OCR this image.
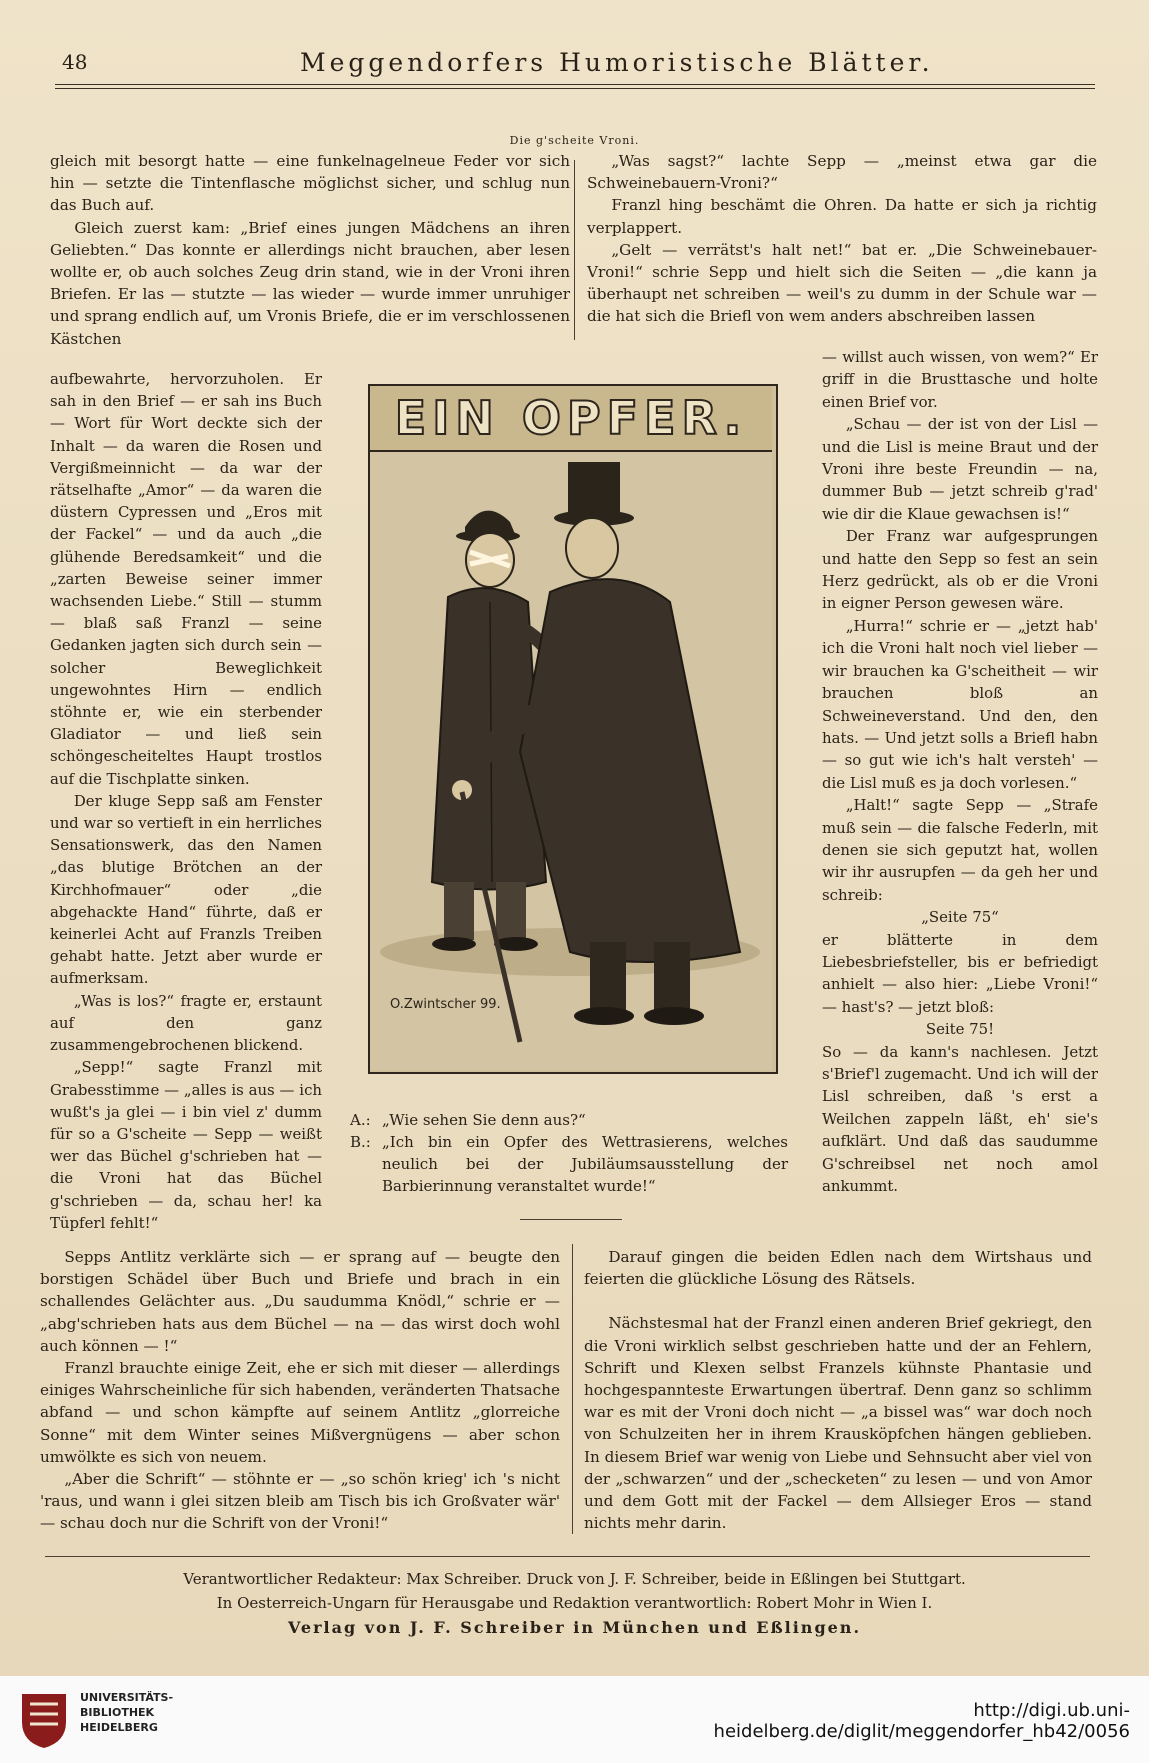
48	Meggendorfers Humoristische Blätter.
Die g'scheite Vroni.

gleich mit besorgt hatte — eine funkelnagelneue Feder vor sich hin — setzte die Tintenflasche möglichst sicher, und schlug nun das Buch auf.

Gleich zuerst kam: „Brief eines jungen Mädchens an ihren Geliebten.“ Das konnte er allerdings nicht brauchen, aber lesen wollte er, ob auch solches Zeug drin stand, wie in der Vroni ihren Briefen. Er las — stutzte — las wieder — wurde immer unruhiger und sprang endlich auf, um Vronis Briefe, die er im verschlossenen Kästchen

aufbewahrte, hervorzuholen. Er sah in den Brief — er sah ins Buch — Wort für Wort deckte sich der Inhalt — da waren die Rosen und Vergißmeinnicht — da war der rätselhafte „Amor“ — da waren die düstern Cypressen und „Eros mit der Fackel“ — und da auch „die glühende Beredsamkeit“ und die „zarten Beweise seiner immer wachsenden Liebe.“ Still — stumm — blaß saß Franzl — seine Gedanken jagten sich durch sein — solcher Beweglichkeit ungewohntes Hirn — endlich stöhnte er, wie ein sterbender Gladiator — und ließ sein schöngescheiteltes Haupt trostlos auf die Tischplatte sinken.

Der kluge Sepp saß am Fenster und war so vertieft in ein herrliches Sensationswerk, das den Namen „das blutige Brötchen an der Kirchhofmauer“ oder „die abgehackte Hand“ führte, daß er keinerlei Acht auf Franzls Treiben gehabt hatte. Jetzt aber wurde er aufmerksam.

„Was is los?“ fragte er, erstaunt auf den ganz zusammengebrochenen blickend.

„Sepp!“ sagte Franzl mit Grabesstimme — „alles is aus — ich wußt's ja glei — i bin viel z' dumm für so a G'scheite — Sepp — weißt wer das Büchel g'schrieben hat — die Vroni hat das Büchel g'schrieben — da, schau her! ka Tüpferl fehlt!“

„Was sagst?“ lachte Sepp — „meinst etwa gar die Schweinebauern-Vroni?“

Franzl hing beschämt die Ohren. Da hatte er sich ja richtig verplappert.

„Gelt — verrätst's halt net!“ bat er. „Die Schweinebauer-Vroni!“ schrie Sepp und hielt sich die Seiten — „die kann ja überhaupt net schreiben — weil's zu dumm in der Schule war — die hat sich die Briefl von wem anders abschreiben lassen

— willst auch wissen, von wem?“ Er griff in die Brusttasche und holte einen Brief vor.

„Schau — der ist von der Lisl — und die Lisl is meine Braut und der Vroni ihre beste Freundin — na, dummer Bub — jetzt schreib g'rad' wie dir die Klaue gewachsen is!“

Der Franz war aufgesprungen und hatte den Sepp so fest an sein Herz gedrückt, als ob er die Vroni in eigner Person gewesen wäre.

„Hurra!“ schrie er — „jetzt hab' ich die Vroni halt noch viel lieber — wir brauchen ka G'scheitheit — wir brauchen bloß an Schweineverstand. Und den, den hats. — Und jetzt solls a Briefl habn — so gut wie ich's halt versteh' — die Lisl muß es ja doch vorlesen.“

„Halt!“ sagte Sepp — „Strafe muß sein — die falsche Federln, mit denen sie sich geputzt hat, wollen wir ihr ausrupfen — da geh her und schreib:

„Seite 75“

er blätterte in dem Liebesbriefsteller, bis er befriedigt anhielt — also hier: „Liebe Vroni!“ — hast's? — jetzt bloß:

Seite 75!

So — da kann's nachlesen. Jetzt s'Brief'l zugemacht. Und ich will der Lisl schreiben, daß 's erst a Weilchen zappeln läßt, eh' sie's aufklärt. Und daß das saudumme G'schreibsel net noch amol ankummt.

EIN OPFER.
O.Zwintscher 99.
A.: „Wie sehen Sie denn aus?“
B.: „Ich bin ein Opfer des Wettrasierens, welches neulich bei der Jubiläumsausstellung der Barbierinnung veranstaltet wurde!“

Sepps Antlitz verklärte sich — er sprang auf — beugte den borstigen Schädel über Buch und Briefe und brach in ein schallendes Gelächter aus. „Du saudumma Knödl,“ schrie er — „abg'schrieben hats aus dem Büchel — na — das wirst doch wohl auch können — !“

Franzl brauchte einige Zeit, ehe er sich mit dieser — allerdings einiges Wahrscheinliche für sich habenden, veränderten Thatsache abfand — und schon kämpfte auf seinem Antlitz „glorreiche Sonne“ mit dem Winter seines Mißvergnügens — aber schon umwölkte es sich von neuem.

„Aber die Schrift“ — stöhnte er — „so schön krieg' ich 's nicht 'raus, und wann i glei sitzen bleib am Tisch bis ich Großvater wär' — schau doch nur die Schrift von der Vroni!“

Darauf gingen die beiden Edlen nach dem Wirtshaus und feierten die glückliche Lösung des Rätsels.

Nächstesmal hat der Franzl einen anderen Brief gekriegt, den die Vroni wirklich selbst geschrieben hatte und der an Fehlern, Schrift und Klexen selbst Franzels kühnste Phantasie und hochgespannteste Erwartungen übertraf. Denn ganz so schlimm war es mit der Vroni doch nicht — „a bissel was“ war doch noch von Schulzeiten her in ihrem Krausköpfchen hängen geblieben. In diesem Brief war wenig von Liebe und Sehnsucht aber viel von der „schwarzen“ und der „schecketen“ zu lesen — und von Amor und dem Gott mit der Fackel — dem Allsieger Eros — stand nichts mehr darin.

Verantwortlicher Redakteur: Max Schreiber. Druck von J. F. Schreiber, beide in Eßlingen bei Stuttgart.
In Oesterreich-Ungarn für Herausgabe und Redaktion verantwortlich: Robert Mohr in Wien I.
Verlag von J. F. Schreiber in München und Eßlingen.
UNIVERSITÄTS-
BIBLIOTHEK
HEIDELBERG
http://digi.ub.uni-heidelberg.de/diglit/meggendorfer_hb42/0056
